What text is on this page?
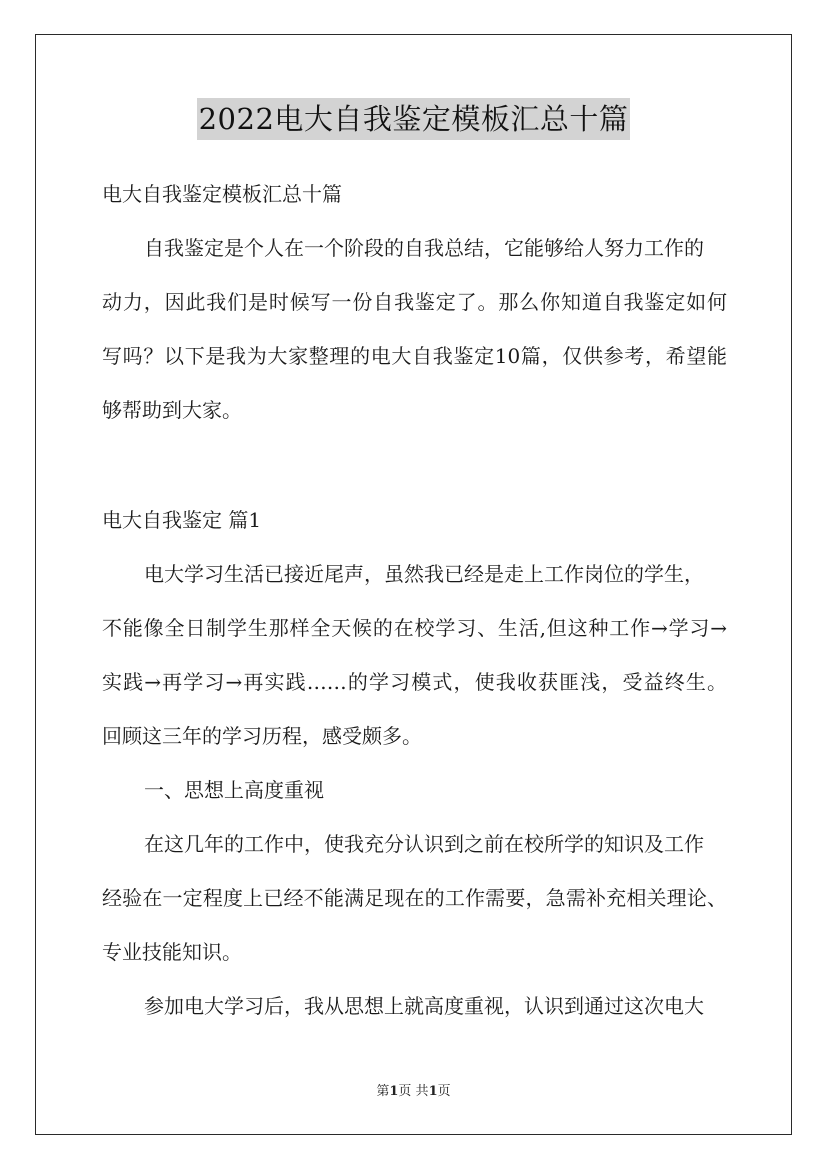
2022电大自我鉴定模板汇总十篇
电大自我鉴定模板汇总十篇
自我鉴定是个人在一个阶段的自我总结，它能够给人努力工作的
动力，因此我们是时候写一份自我鉴定了。那么你知道自我鉴定如何
写吗？以下是我为大家整理的电大自我鉴定10篇，仅供参考，希望能
够帮助到大家。
电大自我鉴定 篇1
电大学习生活已接近尾声，虽然我已经是走上工作岗位的学生，
不能像全日制学生那样全天候的在校学习、生活,但这种工作→学习→
实践→再学习→再实践……的学习模式，使我收获匪浅，受益终生。
回顾这三年的学习历程，感受颇多。
一、思想上高度重视
在这几年的工作中，使我充分认识到之前在校所学的知识及工作
经验在一定程度上已经不能满足现在的工作需要，急需补充相关理论、
专业技能知识。
参加电大学习后，我从思想上就高度重视，认识到通过这次电大
第1页 共1页
